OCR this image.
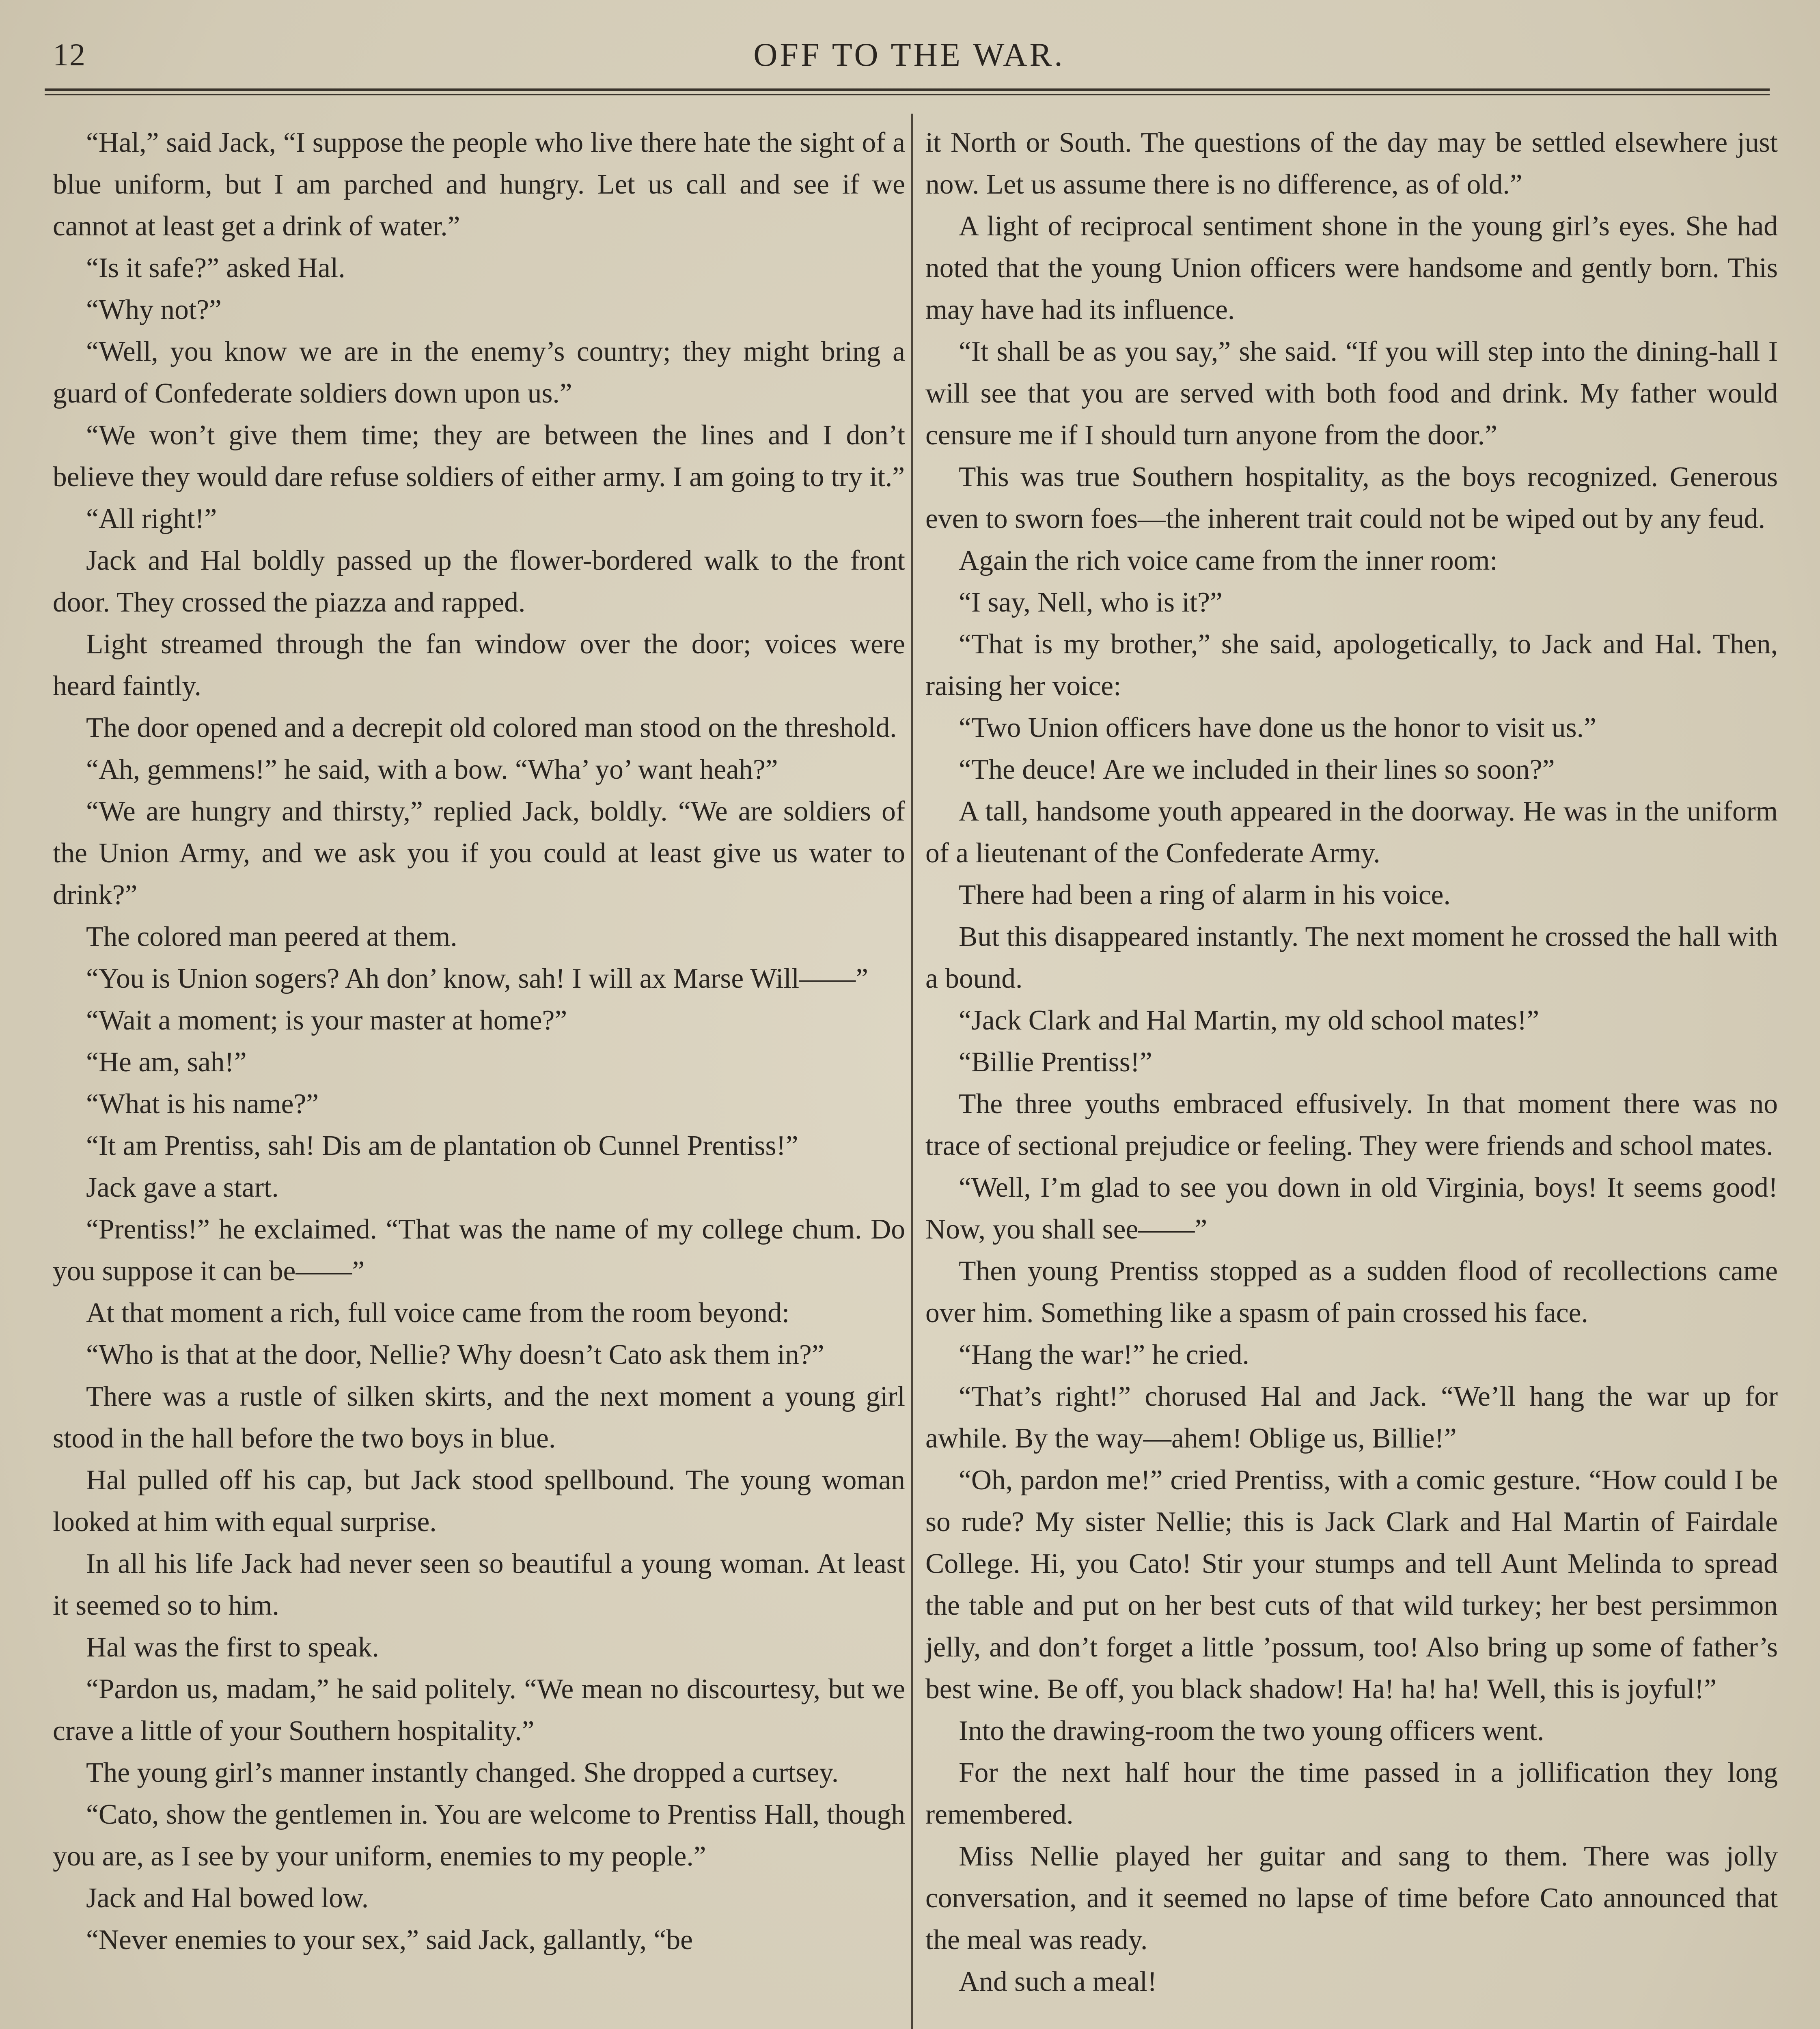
12	OFF TO THE WAR.

“Hal,” said Jack, “I suppose the people who live there hate the sight of a blue uniform, but I am parched and hungry. Let us call and see if we cannot at least get a drink of water.”

“Is it safe?” asked Hal.

“Why not?”

“Well, you know we are in the enemy’s country; they might bring a guard of Confederate soldiers down upon us.”

“We won’t give them time; they are between the lines and I don’t believe they would dare refuse soldiers of either army. I am going to try it.”

“All right!”

Jack and Hal boldly passed up the flower-bordered walk to the front door. They crossed the piazza and rapped.

Light streamed through the fan window over the door; voices were heard faintly.

The door opened and a decrepit old colored man stood on the threshold.

“Ah, gemmens!” he said, with a bow. “Wha’ yo’ want heah?”

“We are hungry and thirsty,” replied Jack, boldly. “We are soldiers of the Union Army, and we ask you if you could at least give us water to drink?”

The colored man peered at them.

“You is Union sogers? Ah don’ know, sah! I will ax Marse Will——”

“Wait a moment; is your master at home?”

“He am, sah!”

“What is his name?”

“It am Prentiss, sah! Dis am de plantation ob Cunnel Prentiss!”

Jack gave a start.

“Prentiss!” he exclaimed. “That was the name of my college chum. Do you suppose it can be——”

At that moment a rich, full voice came from the room beyond:

“Who is that at the door, Nellie? Why doesn’t Cato ask them in?”

There was a rustle of silken skirts, and the next moment a young girl stood in the hall before the two boys in blue.

Hal pulled off his cap, but Jack stood spellbound. The young woman looked at him with equal surprise.

In all his life Jack had never seen so beautiful a young woman. At least it seemed so to him.

Hal was the first to speak.

“Pardon us, madam,” he said politely. “We mean no discourtesy, but we crave a little of your Southern hospitality.”

The young girl’s manner instantly changed. She dropped a curtsey.

“Cato, show the gentlemen in. You are welcome to Prentiss Hall, though you are, as I see by your uniform, enemies to my people.”

Jack and Hal bowed low.

“Never enemies to your sex,” said Jack, gallantly, “be

it North or South. The questions of the day may be settled elsewhere just now. Let us assume there is no difference, as of old.”

A light of reciprocal sentiment shone in the young girl’s eyes. She had noted that the young Union officers were handsome and gently born. This may have had its influence.

“It shall be as you say,” she said. “If you will step into the dining-hall I will see that you are served with both food and drink. My father would censure me if I should turn anyone from the door.”

This was true Southern hospitality, as the boys recognized. Generous even to sworn foes—the inherent trait could not be wiped out by any feud.

Again the rich voice came from the inner room:

“I say, Nell, who is it?”

“That is my brother,” she said, apologetically, to Jack and Hal. Then, raising her voice:

“Two Union officers have done us the honor to visit us.”

“The deuce! Are we included in their lines so soon?”

A tall, handsome youth appeared in the doorway. He was in the uniform of a lieutenant of the Confederate Army.

There had been a ring of alarm in his voice.

But this disappeared instantly. The next moment he crossed the hall with a bound.

“Jack Clark and Hal Martin, my old school mates!”

“Billie Prentiss!”

The three youths embraced effusively. In that moment there was no trace of sectional prejudice or feeling. They were friends and school mates.

“Well, I’m glad to see you down in old Virginia, boys! It seems good! Now, you shall see——”

Then young Prentiss stopped as a sudden flood of recollections came over him. Something like a spasm of pain crossed his face.

“Hang the war!” he cried.

“That’s right!” chorused Hal and Jack. “We’ll hang the war up for awhile. By the way—ahem! Oblige us, Billie!”

“Oh, pardon me!” cried Prentiss, with a comic gesture. “How could I be so rude? My sister Nellie; this is Jack Clark and Hal Martin of Fairdale College. Hi, you Cato! Stir your stumps and tell Aunt Melinda to spread the table and put on her best cuts of that wild turkey; her best persimmon jelly, and don’t forget a little ’possum, too! Also bring up some of father’s best wine. Be off, you black shadow! Ha! ha! ha! Well, this is joyful!”

Into the drawing-room the two young officers went.

For the next half hour the time passed in a jollification they long remembered.

Miss Nellie played her guitar and sang to them. There was jolly conversation, and it seemed no lapse of time before Cato announced that the meal was ready.

And such a meal!
